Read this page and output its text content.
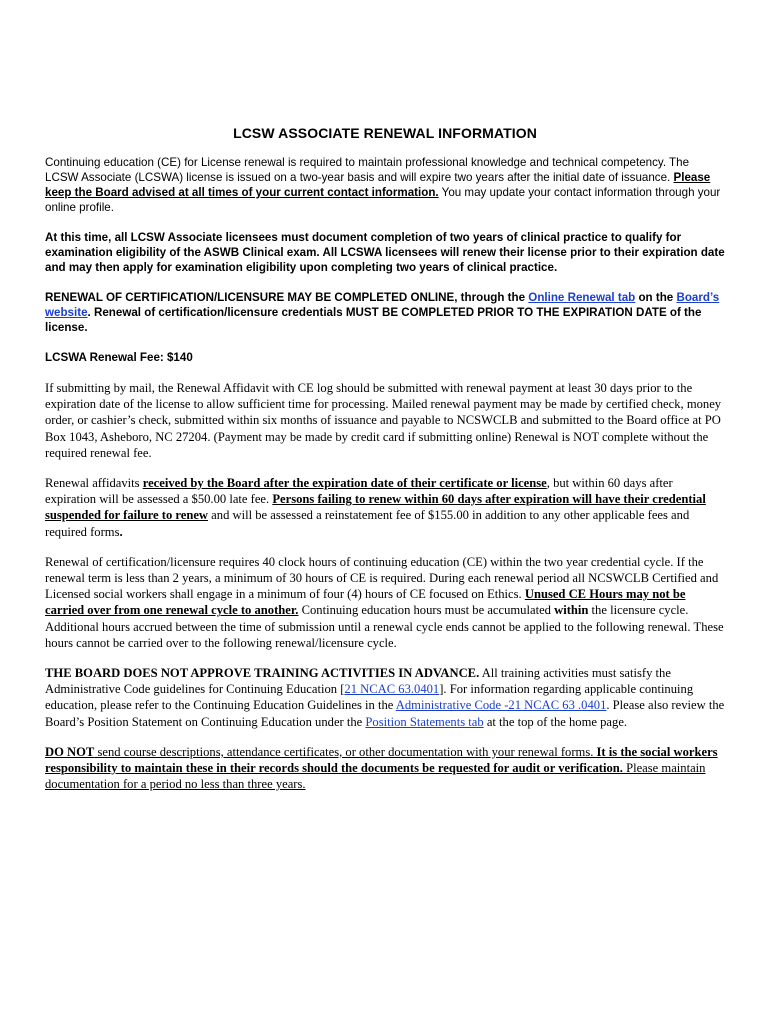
LCSW ASSOCIATE RENEWAL INFORMATION

Continuing education (CE) for License renewal is required to maintain professional knowledge and technical competency. The LCSW Associate (LCSWA) license is issued on a two-year basis and will expire two years after the initial date of issuance. Please keep the Board advised at all times of your current contact information. You may update your contact information through your online profile.

At this time, all LCSW Associate licensees must document completion of two years of clinical practice to qualify for examination eligibility of the ASWB Clinical exam. All LCSWA licensees will renew their license prior to their expiration date and may then apply for examination eligibility upon completing two years of clinical practice.

RENEWAL OF CERTIFICATION/LICENSURE MAY BE COMPLETED ONLINE, through the Online Renewal tab on the Board’s website. Renewal of certification/licensure credentials MUST BE COMPLETED PRIOR TO THE EXPIRATION DATE of the license.

LCSWA Renewal Fee: $140

If submitting by mail, the Renewal Affidavit with CE log should be submitted with renewal payment at least 30 days prior to the expiration date of the license to allow sufficient time for processing. Mailed renewal payment may be made by certified check, money order, or cashier’s check, submitted within six months of issuance and payable to NCSWCLB and submitted to the Board office at PO Box 1043, Asheboro, NC 27204. (Payment may be made by credit card if submitting online) Renewal is NOT complete without the required renewal fee.

Renewal affidavits received by the Board after the expiration date of their certificate or license, but within 60 days after expiration will be assessed a $50.00 late fee. Persons failing to renew within 60 days after expiration will have their credential suspended for failure to renew and will be assessed a reinstatement fee of $155.00 in addition to any other applicable fees and required forms.

Renewal of certification/licensure requires 40 clock hours of continuing education (CE) within the two year credential cycle. If the renewal term is less than 2 years, a minimum of 30 hours of CE is required. During each renewal period all NCSWCLB Certified and Licensed social workers shall engage in a minimum of four (4) hours of CE focused on Ethics. Unused CE Hours may not be carried over from one renewal cycle to another. Continuing education hours must be accumulated within the licensure cycle. Additional hours accrued between the time of submission until a renewal cycle ends cannot be applied to the following renewal. These hours cannot be carried over to the following renewal/licensure cycle.

THE BOARD DOES NOT APPROVE TRAINING ACTIVITIES IN ADVANCE. All training activities must satisfy the Administrative Code guidelines for Continuing Education [21 NCAC 63.0401]. For information regarding applicable continuing education, please refer to the Continuing Education Guidelines in the Administrative Code -21 NCAC 63 .0401. Please also review the Board’s Position Statement on Continuing Education under the Position Statements tab at the top of the home page.

DO NOT send course descriptions, attendance certificates, or other documentation with your renewal forms. It is the social workers responsibility to maintain these in their records should the documents be requested for audit or verification. Please maintain documentation for a period no less than three years.
